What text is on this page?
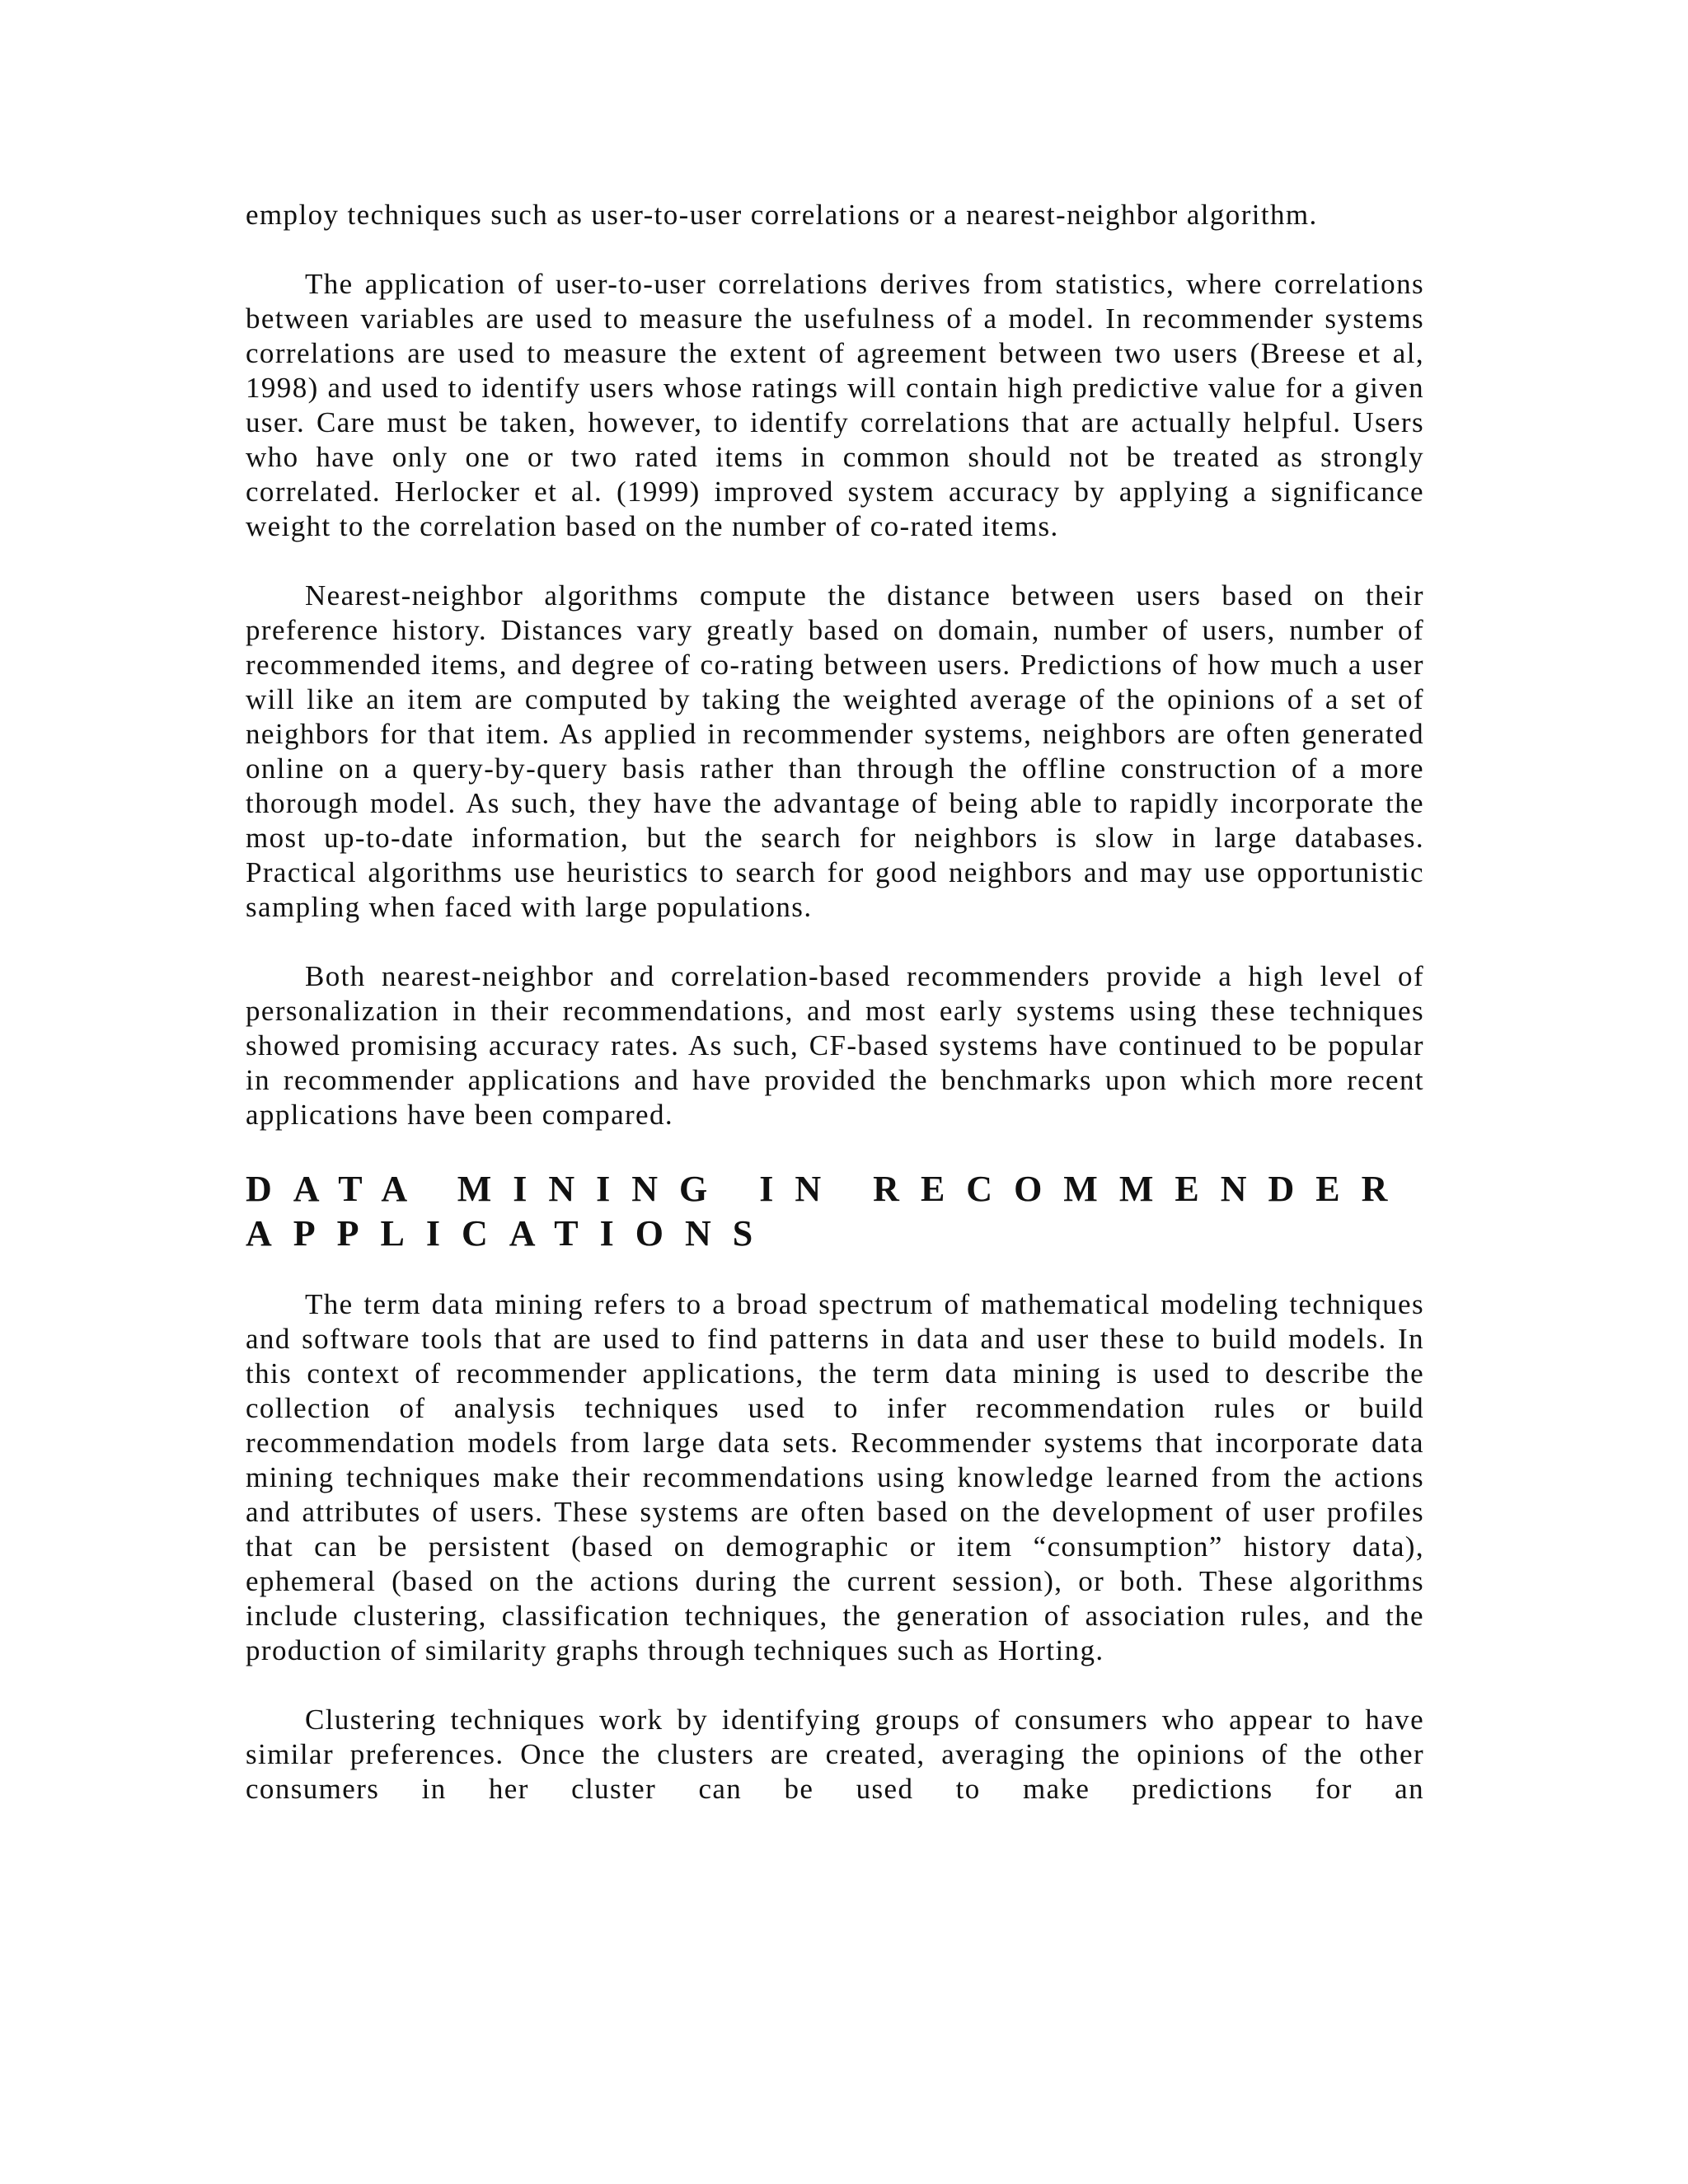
employ techniques such as user-to-user correlations or a nearest-neighbor algorithm.

The application of user-to-user correlations derives from statistics, where correlations between variables are used to measure the usefulness of a model. In recommender systems correlations are used to measure the extent of agreement between two users (Breese et al, 1998) and used to identify users whose ratings will contain high predictive value for a given user. Care must be taken, however, to identify correlations that are actually helpful. Users who have only one or two rated items in common should not be treated as strongly correlated. Herlocker et al. (1999) improved system accuracy by applying a significance weight to the correlation based on the number of co-rated items.

Nearest-neighbor algorithms compute the distance between users based on their preference history. Distances vary greatly based on domain, number of users, number of recommended items, and degree of co-rating between users. Predictions of how much a user will like an item are computed by taking the weighted average of the opinions of a set of neighbors for that item. As applied in recommender systems, neighbors are often generated online on a query-by-query basis rather than through the offline construction of a more thorough model. As such, they have the advantage of being able to rapidly incorporate the most up-to-date information, but the search for neighbors is slow in large databases. Practical algorithms use heuristics to search for good neighbors and may use opportunistic sampling when faced with large populations.

Both nearest-neighbor and correlation-based recommenders provide a high level of personalization in their recommendations, and most early systems using these techniques showed promising accuracy rates. As such, CF-based systems have continued to be popular in recommender applications and have provided the benchmarks upon which more recent applications have been compared.

DATA MINING IN RECOMMENDER
APPLICATIONS

The term data mining refers to a broad spectrum of mathematical modeling techniques and software tools that are used to find patterns in data and user these to build models. In this context of recommender applications, the term data mining is used to describe the collection of analysis techniques used to infer recommendation rules or build recommendation models from large data sets. Recommender systems that incorporate data mining techniques make their recommendations using knowledge learned from the actions and attributes of users. These systems are often based on the development of user profiles that can be persistent (based on demographic or item “consumption” history data), ephemeral (based on the actions during the current session), or both. These algorithms include clustering, classification techniques, the generation of association rules, and the production of similarity graphs through techniques such as Horting.

Clustering techniques work by identifying groups of consumers who appear to have similar preferences. Once the clusters are created, averaging the opinions of the other consumers in her cluster can be used to make predictions for an
